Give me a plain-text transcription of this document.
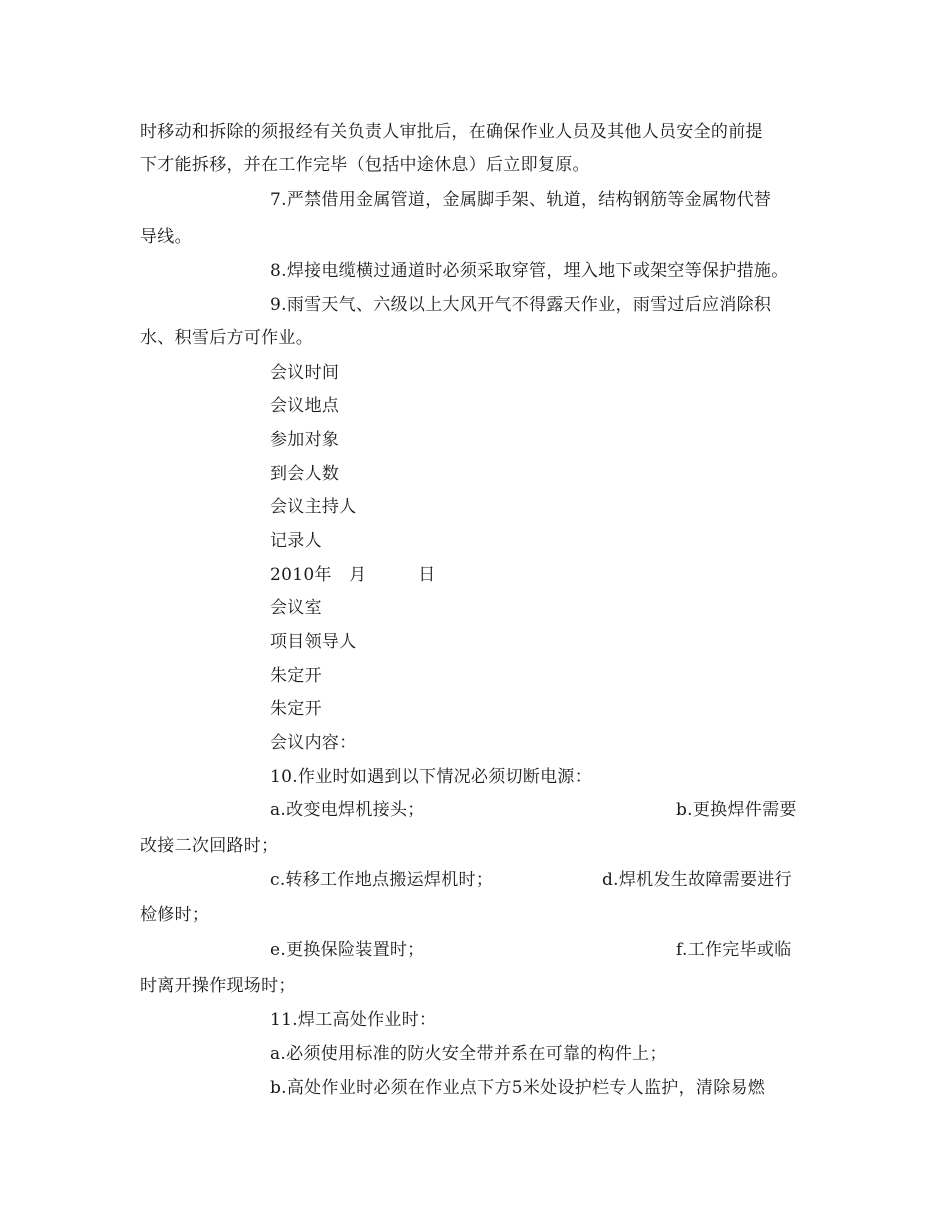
时移动和拆除的须报经有关负责人审批后，在确保作业人员及其他人员安全的前提
下才能拆移，并在工作完毕（包括中途休息）后立即复原。
7.严禁借用金属管道，金属脚手架、轨道，结构钢筋等金属物代替
导线。
8.焊接电缆横过通道时必须采取穿管，埋入地下或架空等保护措施。
9.雨雪天气、六级以上大风开气不得露天作业，雨雪过后应消除积
水、积雪后方可作业。
会议时间
会议地点
参加对象
到会人数
会议主持人
记录人
2010年　月　　　日
会议室
项目领导人
朱定开
朱定开
会议内容：
10.作业时如遇到以下情况必须切断电源：
a.改变电焊机接头；	b.更换焊件需要
改接二次回路时；
c.转移工作地点搬运焊机时；	d.焊机发生故障需要进行
检修时；
e.更换保险装置时；	f.工作完毕或临
时离开操作现场时；
11.焊工高处作业时：
a.必须使用标准的防火安全带并系在可靠的构件上；
b.高处作业时必须在作业点下方5米处设护栏专人监护，清除易燃
